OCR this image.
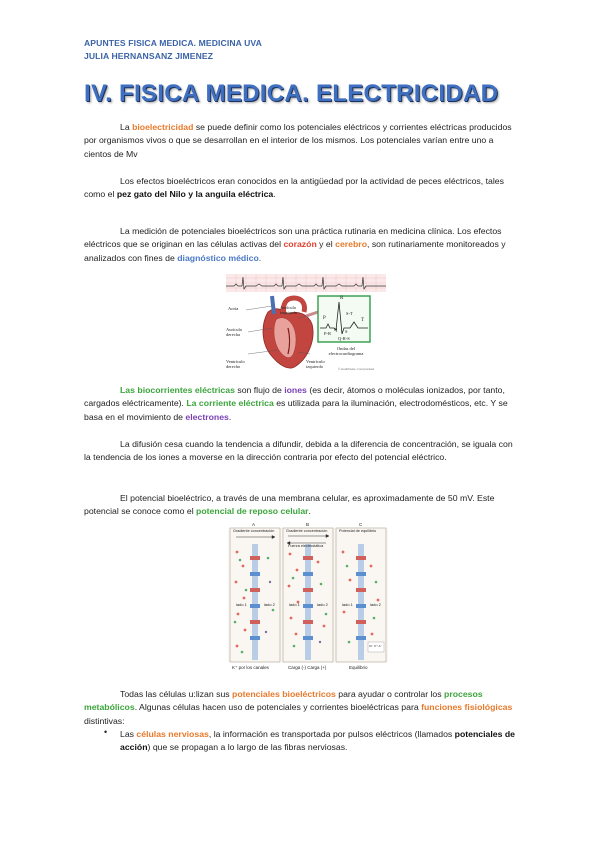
APUNTES FISICA MEDICA. MEDICINA UVA
JULIA HERNANSANZ JIMENEZ
IV. FISICA MEDICA. ELECTRICIDAD
La bioelectricidad se puede definir como los potenciales eléctricos y corrientes eléctricas producidos por organismos vivos o que se desarrollan en el interior de los mismos. Los potenciales varían entre uno a cientos de Mv
Los efectos bioeléctricos eran conocidos en la antigüedad por la actividad de peces eléctricos, tales como el pez gato del Nilo y la anguila eléctrica.
La medición de potenciales bioeléctricos son una práctica rutinaria en medicina clínica. Los efectos eléctricos que se originan en las células activas del corazón y el cerebro, son rutinariamente monitoreados y analizados con fines de diagnóstico médico.
Aorta
Aurícula derecha
Ventrículo derecho
Aurícula izquierda
Ventrículo izquierdo
Ondas del electrocardiograma
P
R
T
S-T
P-R
Q-R-S
Q S
© Healthwise, Incorporated
Las biocorrientes eléctricas son flujo de iones (es decir, átomos o moléculas ionizados, por tanto, cargados eléctricamente). La corriente eléctrica es utilizada para la iluminación, electrodomésticos, etc. Y se basa en el movimiento de electrones.
La difusión cesa cuando la tendencia a difundir, debida a la diferencia de concentración, se iguala con la tendencia de los iones a moverse en la dirección contraria por efecto del potencial eléctrico.
El potencial bioeléctrico, a través de una membrana celular, es aproximadamente de 50 mV. Este potencial se conoce como el potencial de reposo celular.
A	B	C
Gradiente concentración	Gradiente concentración
Fuerza electrostática
Potencial de equilibrio
lado 1	lado 2	lado 1	lado 2	lado 1	lado 2
Cl⁻ K⁺ A⁻
K⁺ por los canales	Carga (-) Carga (+)	Equilibrio
Todas las células u:lizan sus potenciales bioeléctricos para ayudar o controlar los procesos metabólicos. Algunas células hacen uso de potenciales y corrientes bioeléctricas para funciones fisiológicas distintivas:
• Las células nerviosas, la información es transportada por pulsos eléctricos (llamados potenciales de acción) que se propagan a lo largo de las fibras nerviosas.
